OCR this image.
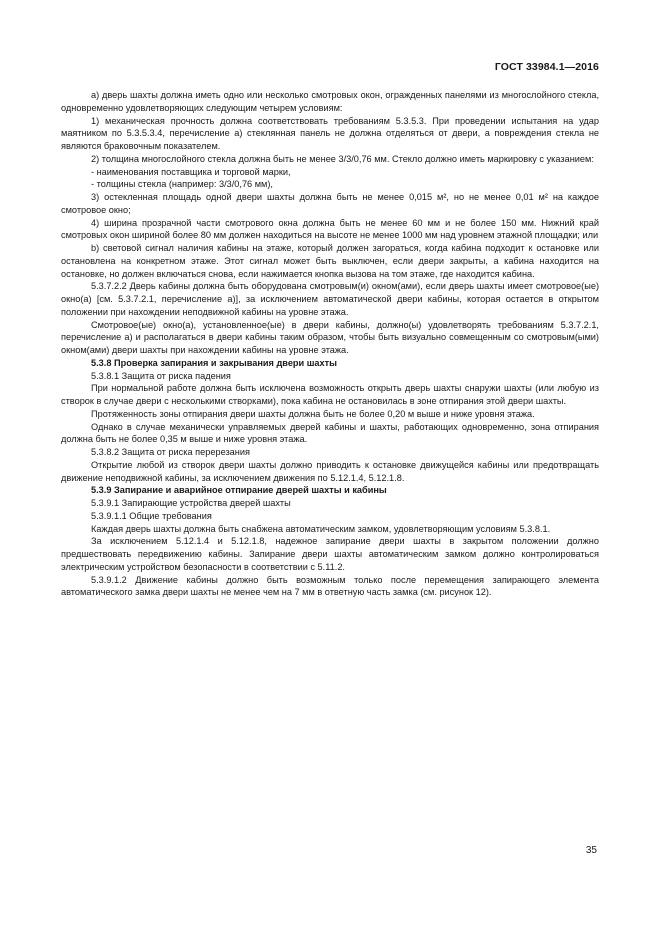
ГОСТ 33984.1—2016

а) дверь шахты должна иметь одно или несколько смотровых окон, огражденных панелями из многослойного стекла, одновременно удовлетворяющих следующим четырем условиям:

1) механическая прочность должна соответствовать требованиям 5.3.5.3. При проведении испытания на удар маятником по 5.3.5.3.4, перечисление а) стеклянная панель не должна отделяться от двери, а повреждения стекла не являются браковочным показателем.

2) толщина многослойного стекла должна быть не менее 3/3/0,76 мм. Стекло должно иметь маркировку с указанием:

- наименования поставщика и торговой марки,

- толщины стекла (например: 3/3/0,76 мм),

3) остекленная площадь одной двери шахты должна быть не менее 0,015 м², но не менее 0,01 м² на каждое смотровое окно;

4) ширина прозрачной части смотрового окна должна быть не менее 60 мм и не более 150 мм. Нижний край смотровых окон шириной более 80 мм должен находиться на высоте не менее 1000 мм над уровнем этажной площадки; или

b) световой сигнал наличия кабины на этаже, который должен загораться, когда кабина подходит к остановке или остановлена на конкретном этаже. Этот сигнал может быть выключен, если двери закрыты, а кабина находится на остановке, но должен включаться снова, если нажимается кнопка вызова на том этаже, где находится кабина.

5.3.7.2.2 Дверь кабины должна быть оборудована смотровым(и) окном(ами), если дверь шахты имеет смотровое(ые) окно(а) [см. 5.3.7.2.1, перечисление а)], за исключением автоматической двери кабины, которая остается в открытом положении при нахождении неподвижной кабины на уровне этажа.

Смотровое(ые) окно(а), установленное(ые) в двери кабины, должно(ы) удовлетворять требованиям 5.3.7.2.1, перечисление а) и располагаться в двери кабины таким образом, чтобы быть визуально совмещенным со смотровым(ыми) окном(ами) двери шахты при нахождении кабины на уровне этажа.

5.3.8 Проверка запирания и закрывания двери шахты

5.3.8.1 Защита от риска падения

При нормальной работе должна быть исключена возможность открыть дверь шахты снаружи шахты (или любую из створок в случае двери с несколькими створками), пока кабина не остановилась в зоне отпирания этой двери шахты.

Протяженность зоны отпирания двери шахты должна быть не более 0,20 м выше и ниже уровня этажа.

Однако в случае механически управляемых дверей кабины и шахты, работающих одновременно, зона отпирания должна быть не более 0,35 м выше и ниже уровня этажа.

5.3.8.2 Защита от риска перерезания

Открытие любой из створок двери шахты должно приводить к остановке движущейся кабины или предотвращать движение неподвижной кабины, за исключением движения по 5.12.1.4, 5.12.1.8.

5.3.9 Запирание и аварийное отпирание дверей шахты и кабины

5.3.9.1 Запирающие устройства дверей шахты

5.3.9.1.1 Общие требования

Каждая дверь шахты должна быть снабжена автоматическим замком, удовлетворяющим условиям 5.3.8.1.

За исключением 5.12.1.4 и 5.12.1.8, надежное запирание двери шахты в закрытом положении должно предшествовать передвижению кабины. Запирание двери шахты автоматическим замком должно контролироваться электрическим устройством безопасности в соответствии с 5.11.2.

5.3.9.1.2 Движение кабины должно быть возможным только после перемещения запирающего элемента автоматического замка двери шахты не менее чем на 7 мм в ответную часть замка (см. рисунок 12).

35
